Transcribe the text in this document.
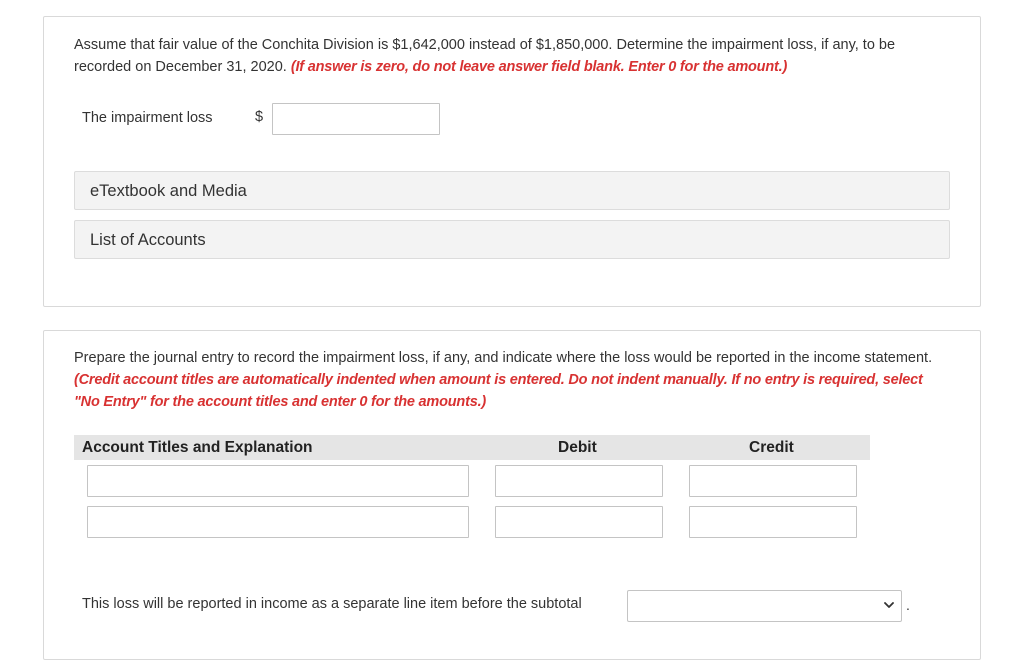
Assume that fair value of the Conchita Division is $1,642,000 instead of $1,850,000. Determine the impairment loss, if any, to be recorded on December 31, 2020. (If answer is zero, do not leave answer field blank. Enter 0 for the amount.)
The impairment loss	$
eTextbook and Media
List of Accounts
Prepare the journal entry to record the impairment loss, if any, and indicate where the loss would be reported in the income statement. (Credit account titles are automatically indented when amount is entered. Do not indent manually. If no entry is required, select "No Entry" for the account titles and enter 0 for the amounts.)
Account Titles and Explanation	Debit	Credit
This loss will be reported in income as a separate line item before the subtotal	.
